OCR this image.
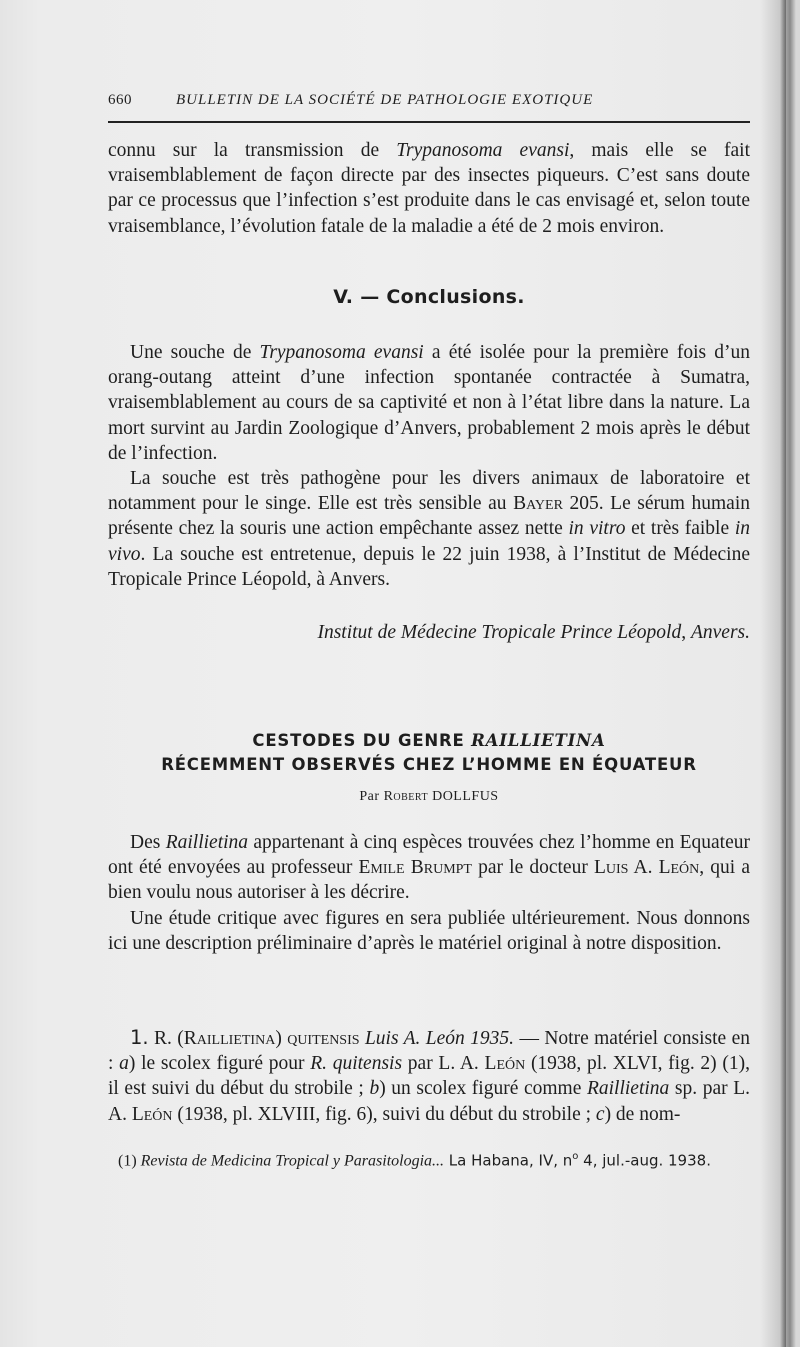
660	BULLETIN DE LA SOCIÉTÉ DE PATHOLOGIE EXOTIQUE

connu sur la transmission de Trypanosoma evansi, mais elle se fait vraisemblablement de façon directe par des insectes piqueurs. C’est sans doute par ce processus que l’infection s’est produite dans le cas envisagé et, selon toute vraisemblance, l’évolution fatale de la maladie a été de 2 mois environ.

V. — Conclusions.

Une souche de Trypanosoma evansi a été isolée pour la première fois d’un orang-outang atteint d’une infection spontanée contractée à Sumatra, vraisemblablement au cours de sa captivité et non à l’état libre dans la nature. La mort survint au Jardin Zoologique d’Anvers, probablement 2 mois après le début de l’infection.

La souche est très pathogène pour les divers animaux de laboratoire et notamment pour le singe. Elle est très sensible au Bayer 205. Le sérum humain présente chez la souris une action empêchante assez nette in vitro et très faible in vivo. La souche est entretenue, depuis le 22 juin 1938, à l’Institut de Médecine Tropicale Prince Léopold, à Anvers.

Institut de Médecine Tropicale Prince Léopold, Anvers.
CESTODES DU GENRE RAILLIETINA
RÉCEMMENT OBSERVÉS CHEZ L’HOMME EN ÉQUATEUR
Par Robert DOLLFUS

Des Raillietina appartenant à cinq espèces trouvées chez l’homme en Equateur ont été envoyées au professeur Emile Brumpt par le docteur Luis A. León, qui a bien voulu nous autoriser à les décrire.

Une étude critique avec figures en sera publiée ultérieurement. Nous donnons ici une description préliminaire d’après le matériel original à notre disposition.

1. R. (Raillietina) quitensis Luis A. León 1935. — Notre matériel consiste en : a) le scolex figuré pour R. quitensis par L. A. León (1938, pl. XLVI, fig. 2) (1), il est suivi du début du strobile ; b) un scolex figuré comme Raillietina sp. par L. A. León (1938, pl. XLVIII, fig. 6), suivi du début du strobile ; c) de nom-

(1) Revista de Medicina Tropical y Parasitologia... La Habana, IV, n$^o$ 4, jul.-aug. 1938.
